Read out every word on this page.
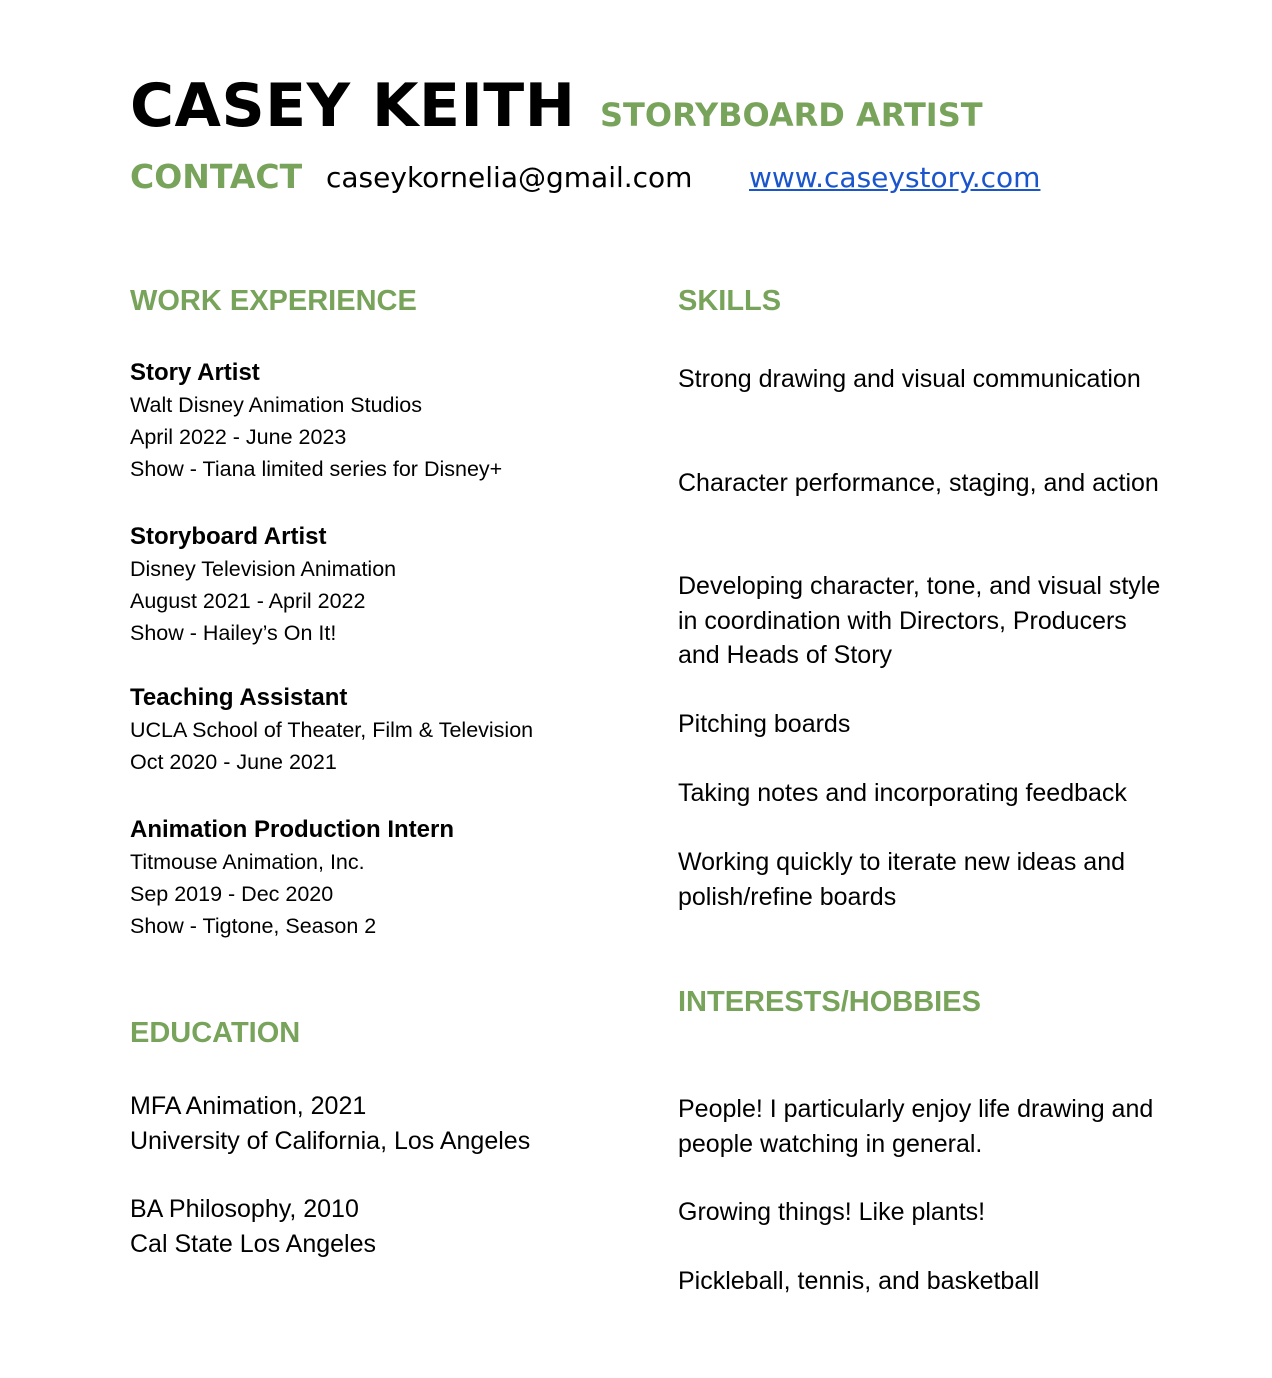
CASEY KEITH STORYBOARD ARTIST
CONTACT caseykornelia@gmail.com www.caseystory.com
WORK EXPERIENCE
Story Artist
Walt Disney Animation Studios
April 2022 - June 2023
Show - Tiana limited series for Disney+
Storyboard Artist
Disney Television Animation
August 2021 - April 2022
Show - Hailey’s On It!
Teaching Assistant
UCLA School of Theater, Film & Television
Oct 2020 - June 2021
Animation Production Intern
Titmouse Animation, Inc.
Sep 2019 - Dec 2020
Show - Tigtone, Season 2
EDUCATION
MFA Animation, 2021
University of California, Los Angeles
BA Philosophy, 2010
Cal State Los Angeles
SKILLS
Strong drawing and visual communication
Character performance, staging, and action
Developing character, tone, and visual style in coordination with Directors, Producers and Heads of Story
Pitching boards
Taking notes and incorporating feedback
Working quickly to iterate new ideas and polish/refine boards
INTERESTS/HOBBIES
People! I particularly enjoy life drawing and people watching in general.
Growing things! Like plants!
Pickleball, tennis, and basketball
